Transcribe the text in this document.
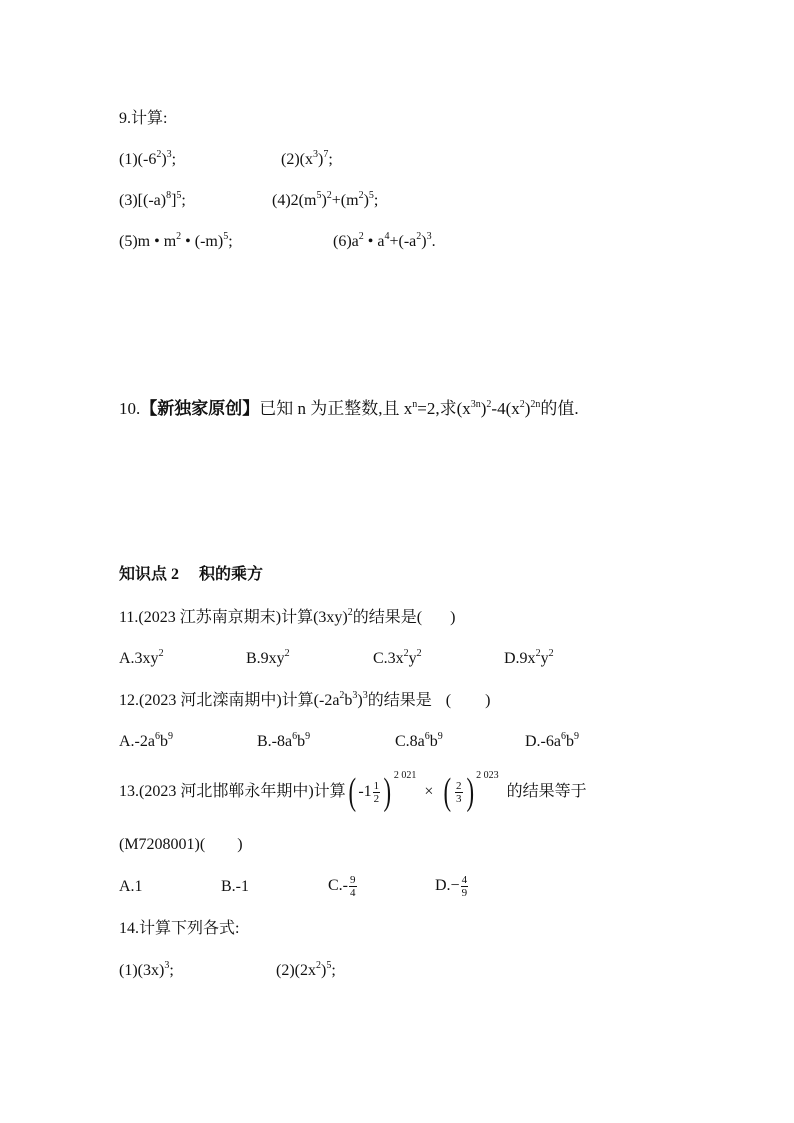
9.计算:
$(1)(-6^2)^3$;	$(2)(x^3)^7$;
$(3)[(-a)^8]^5$;	$(4)2(m^5)^2+(m^2)^5$;
(5)m • $m^2$ • $(-m)^5$;	$(6)a^2$ • $a^4+(-a^2)^3$.
10.【新独家原创】已知 n 为正整数,且 $x^n=2$,求$(x^{3n})^2-4(x^2)^{2n}$的值.
知识点 2 积的乘方
11.(2023 江苏南京期末)计算$(3xy)^2$的结果是( )
$A.3xy^2$	$B.9xy^2$	$C.3x^2y^2$	$D.9x^2y^2$
12.(2023 河北滦南期中)计算$(-2a^2b^3)^3$的结果是 ( )
$A.-2a^6b^9$	$B.-8a^6b^9$	$C.8a^6b^9$	$D.-6a^6b^9$
13.(2023 河北邯郸永年期中)计算( $-1 \frac{1}{2}$ ) $^{2 021}$ × ( $\frac{2}{3}$ ) $^{2 023}$ 的结果等于
(M7208001)( )
A.1	B.-1	$C.- \frac{9}{4}$	$D.- \frac{4}{9}$
14.计算下列各式:
$(1)(3x)^3$;	$(2)(2x^2)^5$;
